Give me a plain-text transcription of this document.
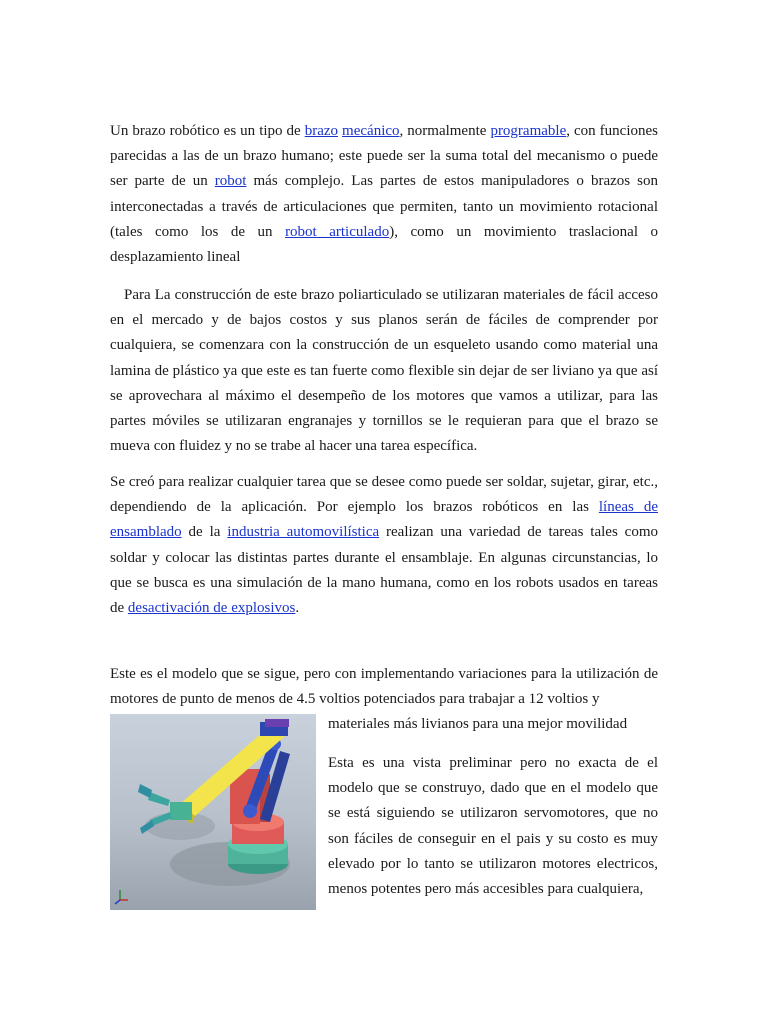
Un brazo robótico es un tipo de brazo mecánico, normalmente programable, con funciones parecidas a las de un brazo humano; este puede ser la suma total del mecanismo o puede ser parte de un robot más complejo. Las partes de estos manipuladores o brazos son interconectadas a través de articulaciones que permiten, tanto un movimiento rotacional (tales como los de un robot articulado), como un movimiento traslacional o desplazamiento lineal

Para La construcción de este brazo poliarticulado se utilizaran materiales de fácil acceso en el mercado y de bajos costos y sus planos serán de fáciles de comprender por cualquiera, se comenzara con la construcción de un esqueleto usando como material una lamina de plástico ya que este es tan fuerte como flexible sin dejar de ser liviano ya que así se aprovechara al máximo el desempeño de los motores que vamos a utilizar, para las partes móviles se utilizaran engranajes y tornillos se le requieran para que el brazo se mueva con fluidez y no se trabe al hacer una tarea específica.

Se creó para realizar cualquier tarea que se desee como puede ser soldar, sujetar, girar, etc., dependiendo de la aplicación. Por ejemplo los brazos robóticos en las líneas de ensamblado de la industria automovilística realizan una variedad de tareas tales como soldar y colocar las distintas partes durante el ensamblaje. En algunas circunstancias, lo que se busca es una simulación de la mano humana, como en los robots usados en tareas de desactivación de explosivos.

Este es el modelo que se sigue, pero con implementando variaciones para la utilización de motores de punto de menos de 4.5 voltios potenciados para trabajar a 12 voltios y

materiales más livianos para una mejor movilidad

Esta es una vista preliminar pero no exacta de el modelo que se construyo, dado que en el modelo que se está siguiendo se utilizaron servomotores, que no son fáciles de conseguir en el pais y su costo es muy elevado por lo tanto se utilizaron motores electricos, menos potentes pero más accesibles para cualquiera,
